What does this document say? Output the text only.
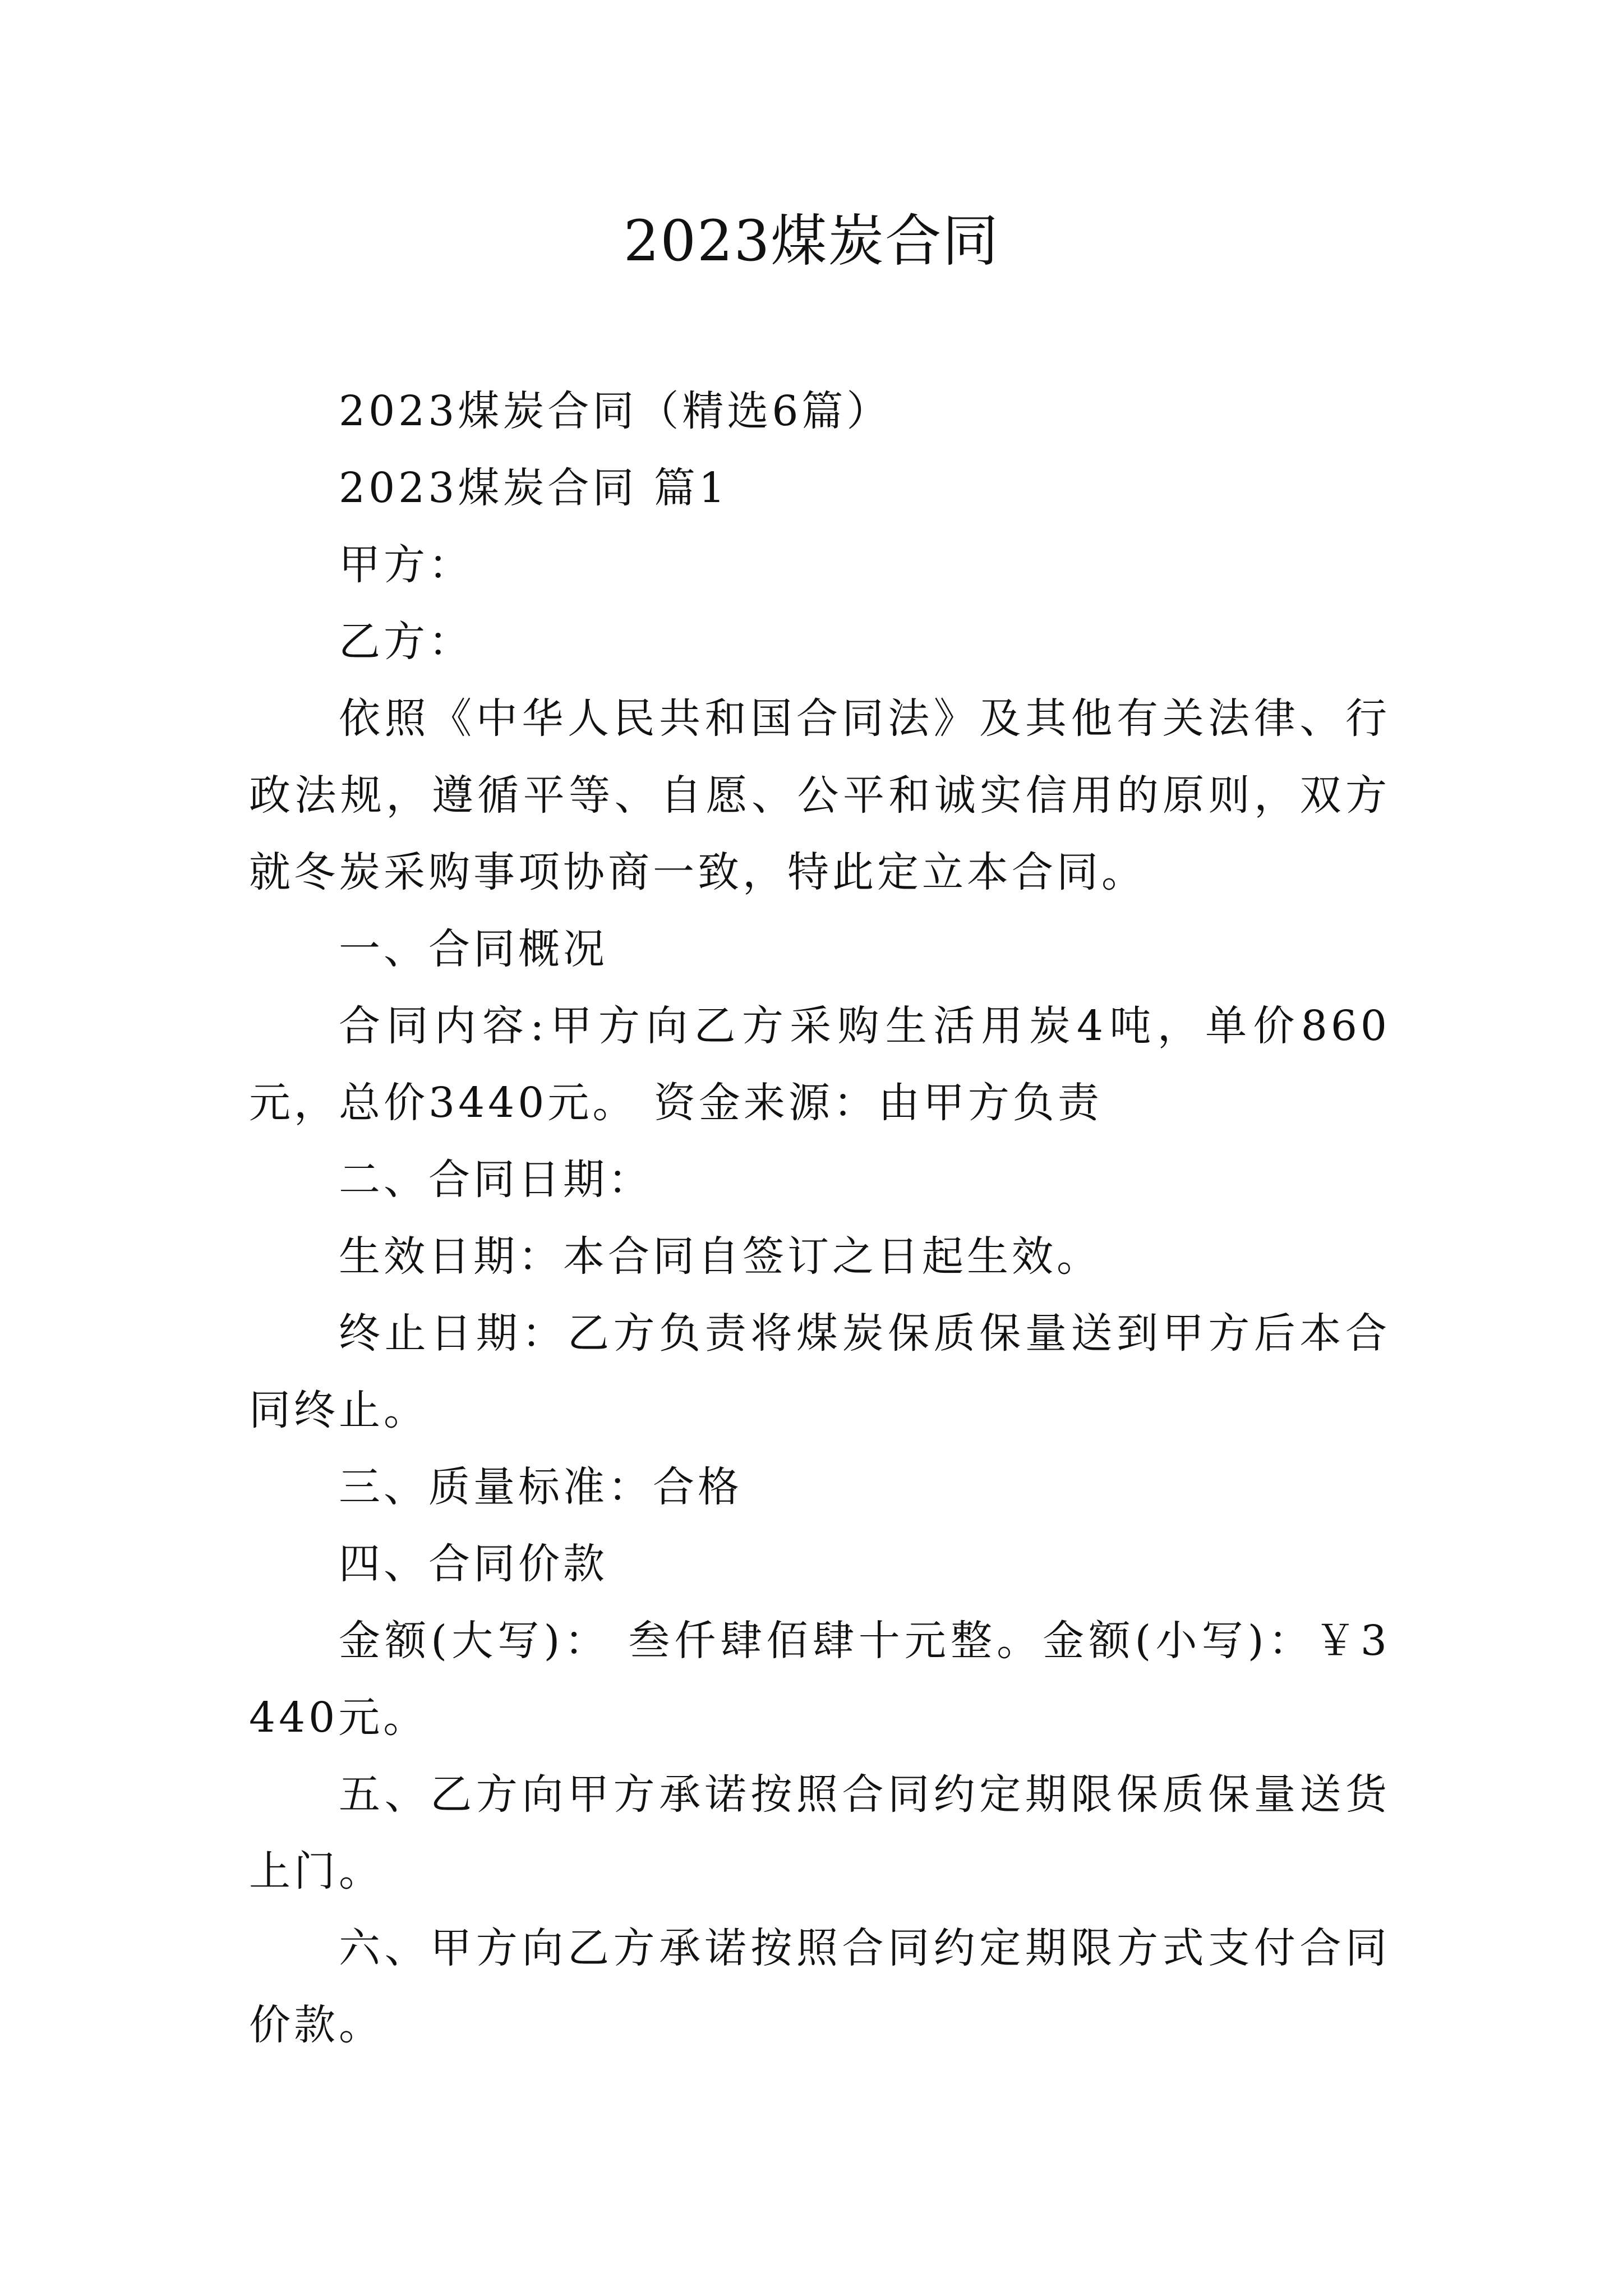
2023煤炭合同

2023煤炭合同（精选6篇）

2023煤炭合同 篇1

甲方：

乙方：

依照《中华人民共和国合同法》及其他有关法律、行政法规，遵循平等、自愿、公平和诚实信用的原则，双方就冬炭采购事项协商一致，特此定立本合同。

一、合同概况

合同内容:甲方向乙方采购生活用炭4吨，单价860元，总价3440元。 资金来源：由甲方负责

二、合同日期：

生效日期：本合同自签订之日起生效。

终止日期：乙方负责将煤炭保质保量送到甲方后本合同终止。

三、质量标准：合格

四、合同价款

金额(大写)： 叁仟肆佰肆十元整。金额(小写)：￥3440元。

五、乙方向甲方承诺按照合同约定期限保质保量送货上门。

六、甲方向乙方承诺按照合同约定期限方式支付合同价款。
